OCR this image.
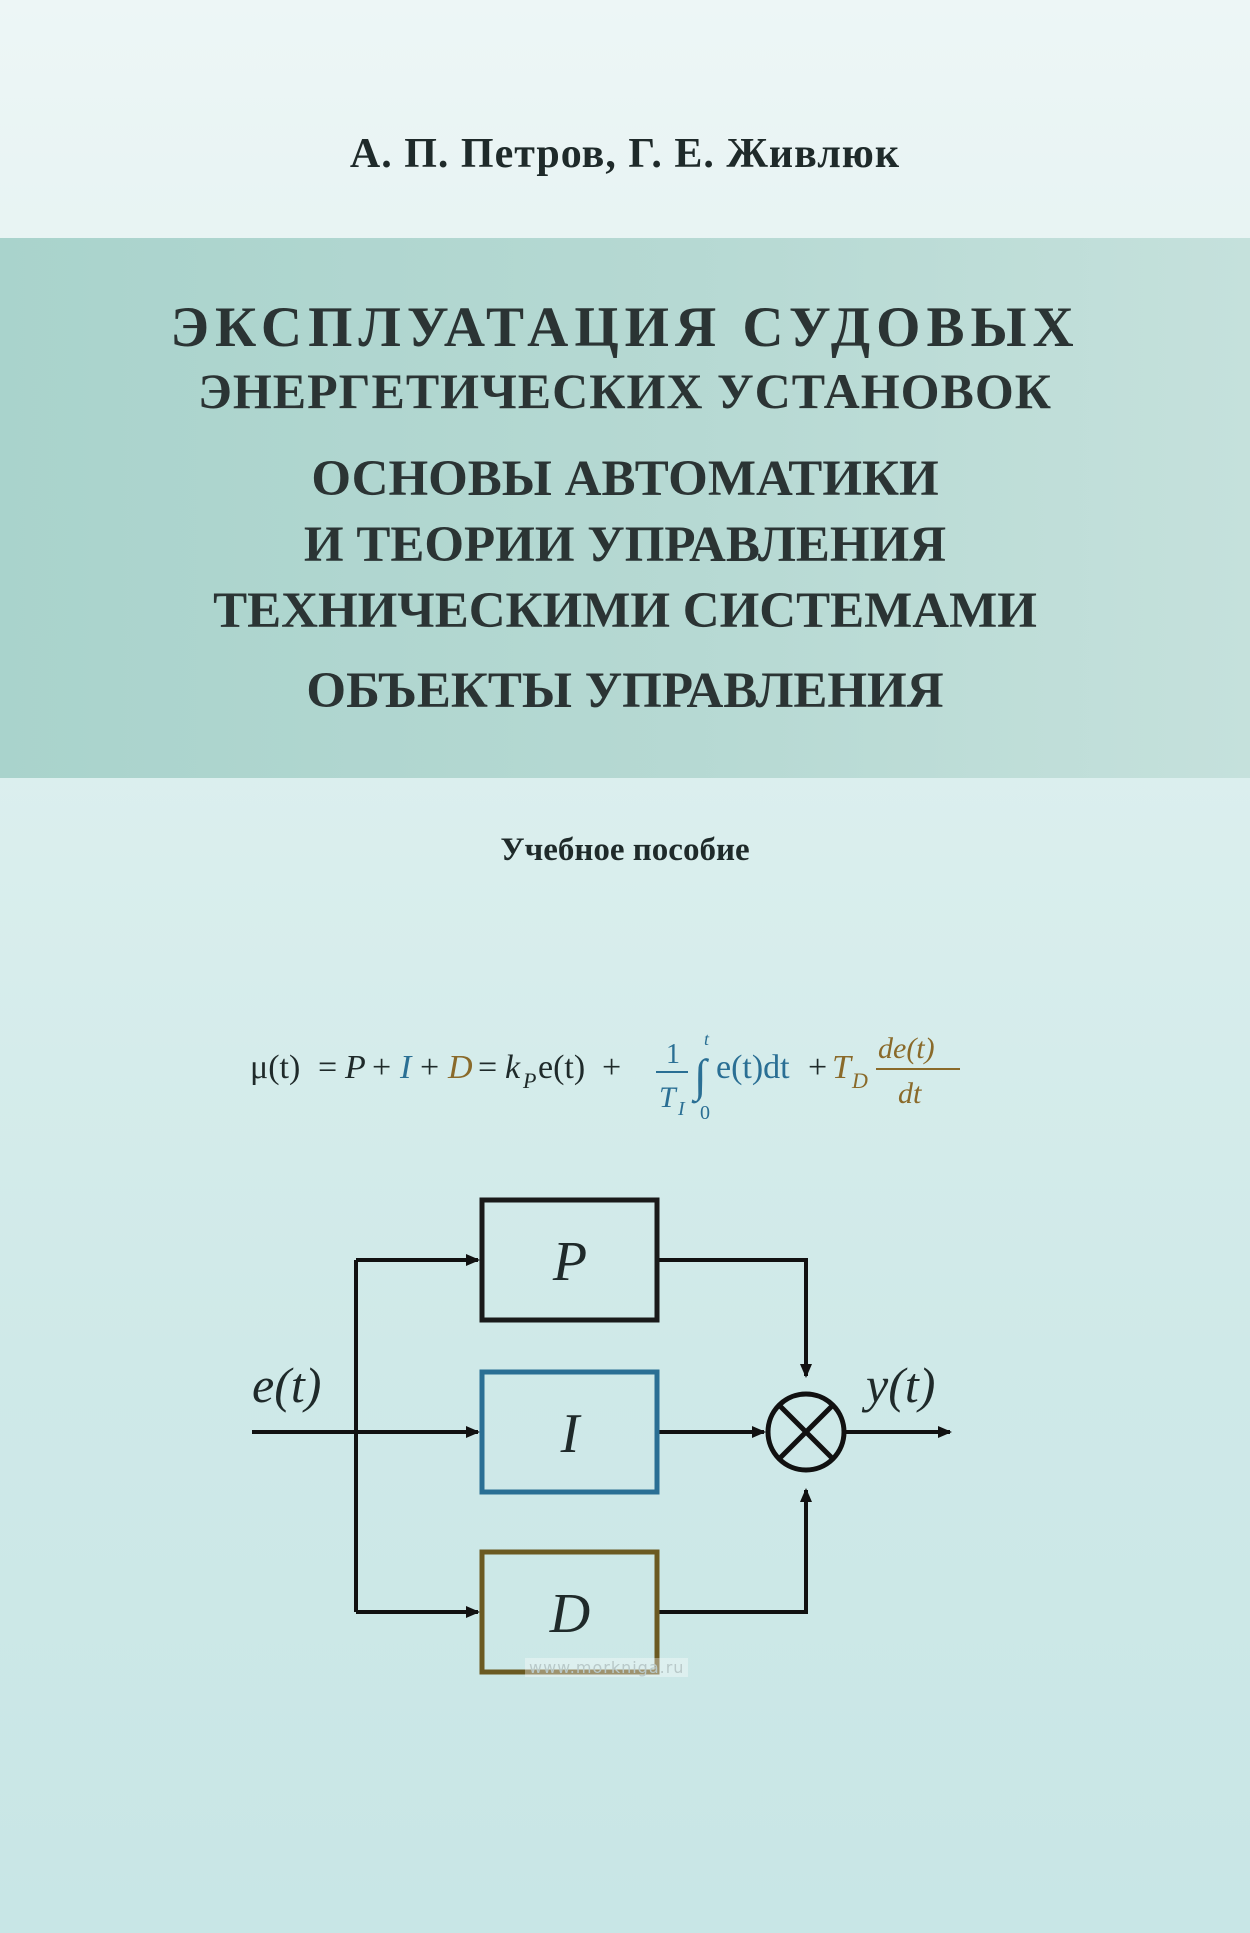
А. П. Петров, Г. Е. Живлюк
ЭКСПЛУАТАЦИЯ СУДОВЫХ
ЭНЕРГЕТИЧЕСКИХ УСТАНОВОК
ОСНОВЫ АВТОМАТИКИ
И ТЕОРИИ УПРАВЛЕНИЯ
ТЕХНИЧЕСКИМИ СИСТЕМАМИ
ОБЪЕКТЫ УПРАВЛЕНИЯ
Учебное пособие
μ(t) = P + I + D = k P e(t) + 1
T I
t
∫
0
e(t)dt + T D
de(t)
dt
P
I
D
e(t)	y(t)
www.morkniga.ru
